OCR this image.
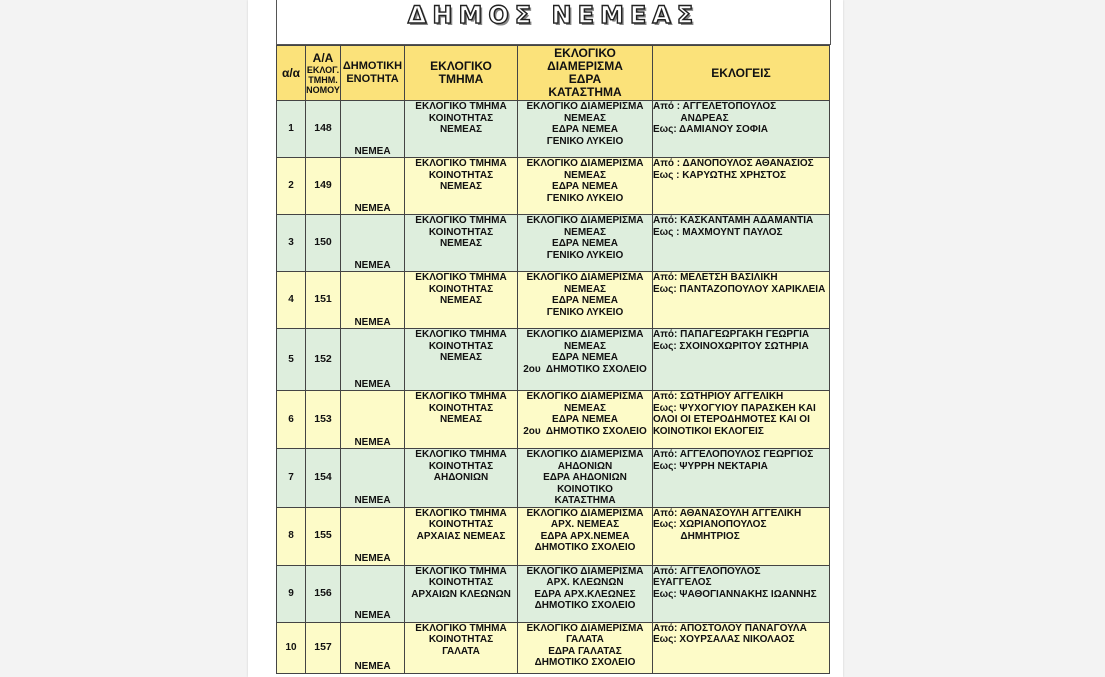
ΔΗΜΟΣ ΝΕΜΕΑΣ
α/α	Α/Α
ΕΚΛΟΓ.
ΤΜΗΜ.
ΝΟΜΟΥ	ΔΗΜΟΤΙΚΗ
ΕΝΟΤΗΤΑ	ΕΚΛΟΓΙΚΟ
ΤΜΗΜΑ	ΕΚΛΟΓΙΚΟ
ΔΙΑΜΕΡΙΣΜΑ
ΕΔΡΑ
ΚΑΤΑΣΤΗΜΑ	ΕΚΛΟΓΕΙΣ

1	148	ΝΕΜΕΑ	ΕΚΛΟΓΙΚΟ ΤΜΗΜΑ
ΚΟΙΝΟΤΗΤΑΣ
ΝΕΜΕΑΣ	ΕΚΛΟΓΙΚΟ ΔΙΑΜΕΡΙΣΜΑ
ΝΕΜΕΑΣ
ΕΔΡΑ ΝΕΜΕΑ
ΓΕΝΙΚΟ ΛΥΚΕΙΟ	Από : ΑΓΓΕΛΕΤΟΠΟΥΛΟΣ
ΑΝΔΡΕΑΣ
Εως: ΔΑΜΙΑΝΟΥ ΣΟΦΙΑ

2	149	ΝΕΜΕΑ	ΕΚΛΟΓΙΚΟ ΤΜΗΜΑ
ΚΟΙΝΟΤΗΤΑΣ
ΝΕΜΕΑΣ	ΕΚΛΟΓΙΚΟ ΔΙΑΜΕΡΙΣΜΑ
ΝΕΜΕΑΣ
ΕΔΡΑ ΝΕΜΕΑ
ΓΕΝΙΚΟ ΛΥΚΕΙΟ	Από : ΔΑΝΟΠΟΥΛΟΣ ΑΘΑΝΑΣΙΟΣ
Εως : ΚΑΡΥΩΤΗΣ ΧΡΗΣΤΟΣ

3	150	ΝΕΜΕΑ	ΕΚΛΟΓΙΚΟ ΤΜΗΜΑ
ΚΟΙΝΟΤΗΤΑΣ
ΝΕΜΕΑΣ	ΕΚΛΟΓΙΚΟ ΔΙΑΜΕΡΙΣΜΑ
ΝΕΜΕΑΣ
ΕΔΡΑ ΝΕΜΕΑ
ΓΕΝΙΚΟ ΛΥΚΕΙΟ	Από: ΚΑΣΚΑΝΤΑΜΗ ΑΔΑΜΑΝΤΙΑ
Εως : ΜΑΧΜΟΥΝΤ ΠΑΥΛΟΣ

4	151	ΝΕΜΕΑ	ΕΚΛΟΓΙΚΟ ΤΜΗΜΑ
ΚΟΙΝΟΤΗΤΑΣ
ΝΕΜΕΑΣ	ΕΚΛΟΓΙΚΟ ΔΙΑΜΕΡΙΣΜΑ
ΝΕΜΕΑΣ
ΕΔΡΑ ΝΕΜΕΑ
ΓΕΝΙΚΟ ΛΥΚΕΙΟ	Από: ΜΕΛΕΤΣΗ ΒΑΣΙΛΙΚΗ
Εως: ΠΑΝΤΑΖΟΠΟΥΛΟΥ ΧΑΡΙΚΛΕΙΑ

5	152	ΝΕΜΕΑ	ΕΚΛΟΓΙΚΟ ΤΜΗΜΑ
ΚΟΙΝΟΤΗΤΑΣ
ΝΕΜΕΑΣ	ΕΚΛΟΓΙΚΟ ΔΙΑΜΕΡΙΣΜΑ
ΝΕΜΕΑΣ
ΕΔΡΑ ΝΕΜΕΑ
2ου  ΔΗΜΟΤΙΚΟ ΣΧΟΛΕΙΟ	Από: ΠΑΠΑΓΕΩΡΓΑΚΗ ΓΕΩΡΓΙΑ
Εως: ΣΧΟΙΝΟΧΩΡΙΤΟΥ ΣΩΤΗΡΙΑ

6	153	ΝΕΜΕΑ	ΕΚΛΟΓΙΚΟ ΤΜΗΜΑ
ΚΟΙΝΟΤΗΤΑΣ
ΝΕΜΕΑΣ	ΕΚΛΟΓΙΚΟ ΔΙΑΜΕΡΙΣΜΑ
ΝΕΜΕΑΣ
ΕΔΡΑ ΝΕΜΕΑ
2ου  ΔΗΜΟΤΙΚΟ ΣΧΟΛΕΙΟ	Από: ΣΩΤΗΡΙΟΥ ΑΓΓΕΛΙΚΗ
Εως: ΨΥΧΟΓΥΙΟΥ ΠΑΡΑΣΚΕΗ ΚΑΙ
ΟΛΟΙ ΟΙ ΕΤΕΡΟΔΗΜΟΤΕΣ ΚΑΙ ΟΙ
ΚΟΙΝΟΤΙΚΟΙ ΕΚΛΟΓΕΙΣ

7	154	ΝΕΜΕΑ	ΕΚΛΟΓΙΚΟ ΤΜΗΜΑ
ΚΟΙΝΟΤΗΤΑΣ
ΑΗΔΟΝΙΩΝ	ΕΚΛΟΓΙΚΟ ΔΙΑΜΕΡΙΣΜΑ
ΑΗΔΟΝΙΩΝ
ΕΔΡΑ ΑΗΔΟΝΙΩΝ
ΚΟΙΝΟΤΙΚΟ
ΚΑΤΑΣΤΗΜΑ	Από: ΑΓΓΕΛΟΠΟΥΛΟΣ ΓΕΩΡΓΙΟΣ
Εως: ΨΥΡΡΗ ΝΕΚΤΑΡΙΑ

8	155	ΝΕΜΕΑ	ΕΚΛΟΓΙΚΟ ΤΜΗΜΑ
ΚΟΙΝΟΤΗΤΑΣ
ΑΡΧΑΙΑΣ ΝΕΜΕΑΣ	ΕΚΛΟΓΙΚΟ ΔΙΑΜΕΡΙΣΜΑ
ΑΡΧ. ΝΕΜΕΑΣ
ΕΔΡΑ ΑΡΧ.ΝΕΜΕΑ
ΔΗΜΟΤΙΚΟ ΣΧΟΛΕΙΟ	Από: ΑΘΑΝΑΣΟΥΛΗ ΑΓΓΕΛΙΚΗ
Εως: ΧΩΡΙΑΝΟΠΟΥΛΟΣ
ΔΗΜΗΤΡΙΟΣ

9	156	ΝΕΜΕΑ	ΕΚΛΟΓΙΚΟ ΤΜΗΜΑ
ΚΟΙΝΟΤΗΤΑΣ
ΑΡΧΑΙΩΝ ΚΛΕΩΝΩΝ	ΕΚΛΟΓΙΚΟ ΔΙΑΜΕΡΙΣΜΑ
ΑΡΧ. ΚΛΕΩΝΩΝ
ΕΔΡΑ ΑΡΧ.ΚΛΕΩΝΕΣ
ΔΗΜΟΤΙΚΟ ΣΧΟΛΕΙΟ	Από: ΑΓΓΕΛΟΠΟΥΛΟΣ
ΕΥΑΓΓΕΛΟΣ
Εως: ΨΑΘΟΓΙΑΝΝΑΚΗΣ ΙΩΑΝΝΗΣ

10	157	ΝΕΜΕΑ	ΕΚΛΟΓΙΚΟ ΤΜΗΜΑ
ΚΟΙΝΟΤΗΤΑΣ
ΓΑΛΑΤΑ	ΕΚΛΟΓΙΚΟ ΔΙΑΜΕΡΙΣΜΑ
ΓΑΛΑΤΑ
ΕΔΡΑ ΓΑΛΑΤΑΣ
ΔΗΜΟΤΙΚΟ ΣΧΟΛΕΙΟ	Από: ΑΠΟΣΤΟΛΟΥ ΠΑΝΑΓΟΥΛΑ
Εως: ΧΟΥΡΣΑΛΑΣ ΝΙΚΟΛΑΟΣ
